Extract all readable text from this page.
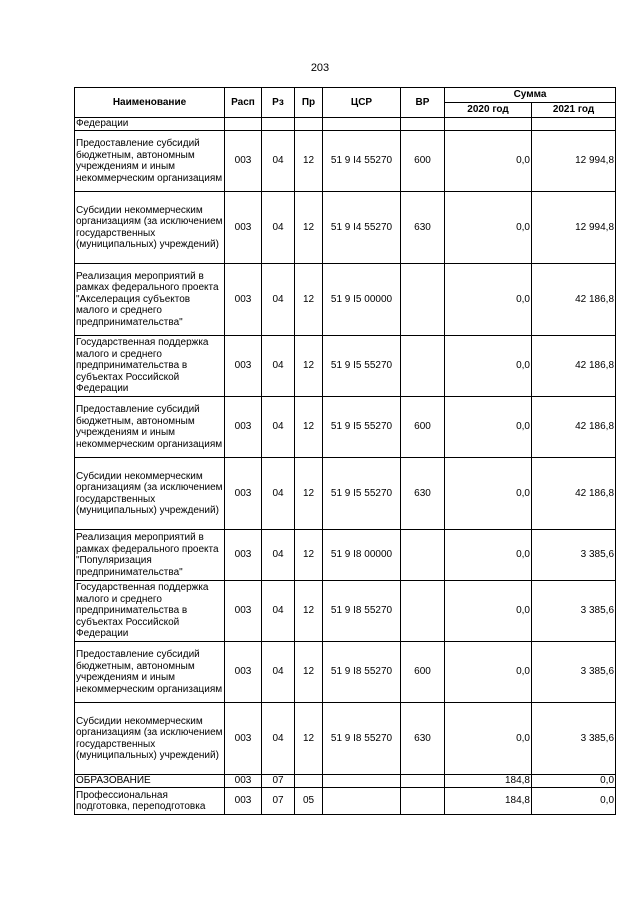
203
Наименование	Расп	Рз	Пр	ЦСР	ВР	Сумма	
						2020 год	2021 год
Федерации							
Предоставление субсидий бюджетным, автономным учреждениям и иным некоммерческим организациям	003	04	12	51 9 I4 55270	600	0,0	12 994,8
Субсидии некоммерческим организациям (за исключением государственных (муниципальных) учреждений)	003	04	12	51 9 I4 55270	630	0,0	12 994,8
Реализация мероприятий в рамках федерального проекта "Акселерация субъектов малого и среднего предпринимательства"	003	04	12	51 9 I5 00000		0,0	42 186,8
Государственная поддержка малого и среднего предпринимательства в субъектах Российской Федерации	003	04	12	51 9 I5 55270		0,0	42 186,8
Предоставление субсидий бюджетным, автономным учреждениям и иным некоммерческим организациям	003	04	12	51 9 I5 55270	600	0,0	42 186,8
Субсидии некоммерческим организациям (за исключением государственных (муниципальных) учреждений)	003	04	12	51 9 I5 55270	630	0,0	42 186,8
Реализация мероприятий в рамках федерального проекта "Популяризация предпринимательства"	003	04	12	51 9 I8 00000		0,0	3 385,6
Государственная поддержка малого и среднего предпринимательства в субъектах Российской Федерации	003	04	12	51 9 I8 55270		0,0	3 385,6
Предоставление субсидий бюджетным, автономным учреждениям и иным некоммерческим организациям	003	04	12	51 9 I8 55270	600	0,0	3 385,6
Субсидии некоммерческим организациям (за исключением государственных (муниципальных) учреждений)	003	04	12	51 9 I8 55270	630	0,0	3 385,6
ОБРАЗОВАНИЕ	003	07				184,8	0,0
Профессиональная подготовка, переподготовка	003	07	05			184,8	0,0
